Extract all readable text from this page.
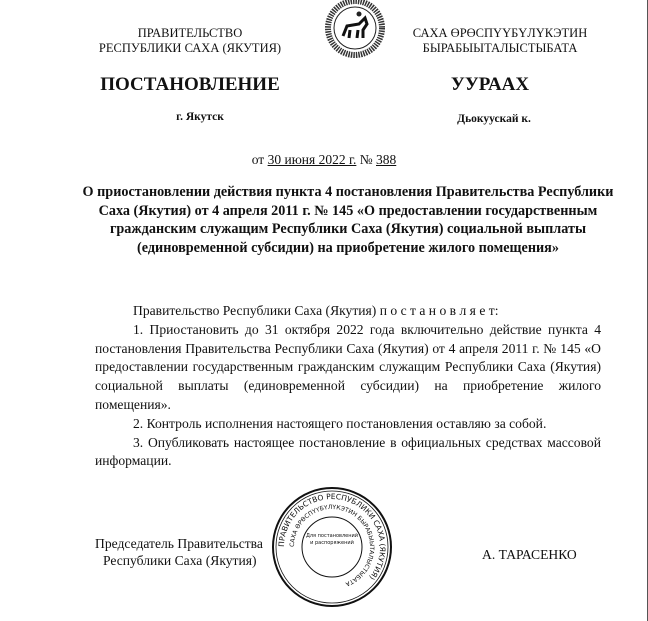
ПРАВИТЕЛЬСТВО
РЕСПУБЛИКИ САХА (ЯКУТИЯ)
САХА ӨРӨСПҮҮБҮЛҮКЭТИН
БЫРАБЫЫТАЛЫСТЫБАТА
ПОСТАНОВЛЕНИЕ	УУРААХ
г. Якутск	Дьокуускай к.
от 30 июня 2022 г. № 388
О приостановлении действия пункта 4 постановления Правительства Республики Саха (Якутия) от 4 апреля 2011 г. № 145 «О предоставлении государственным гражданским служащим Республики Саха (Якутия) социальной выплаты (единовременной субсидии) на приобретение жилого помещения»

Правительство Республики Саха (Якутия) п о с т а н о в л я е т:

1. Приостановить до 31 октября 2022 года включительно действие пункта 4 постановления Правительства Республики Саха (Якутия) от 4 апреля 2011 г. № 145 «О предоставлении государственным гражданским служащим Республики Саха (Якутия) социальной выплаты (единовременной субсидии) на приобретение жилого помещения».

2. Контроль исполнения настоящего постановления оставляю за собой.

3. Опубликовать настоящее постановление в официальных средствах массовой информации.

Председатель Правительства
Республики Саха (Якутия)	А. ТАРАСЕНКО
ПРАВИТЕЛЬСТВО РЕСПУБЛИКИ САХА (ЯКУТИЯ)
САХА ӨРӨСПҮҮБҮЛҮКЭТИН БЫРАБЫЫТАЛЫСТЫБАТА
Для постановлений и распоряжений
